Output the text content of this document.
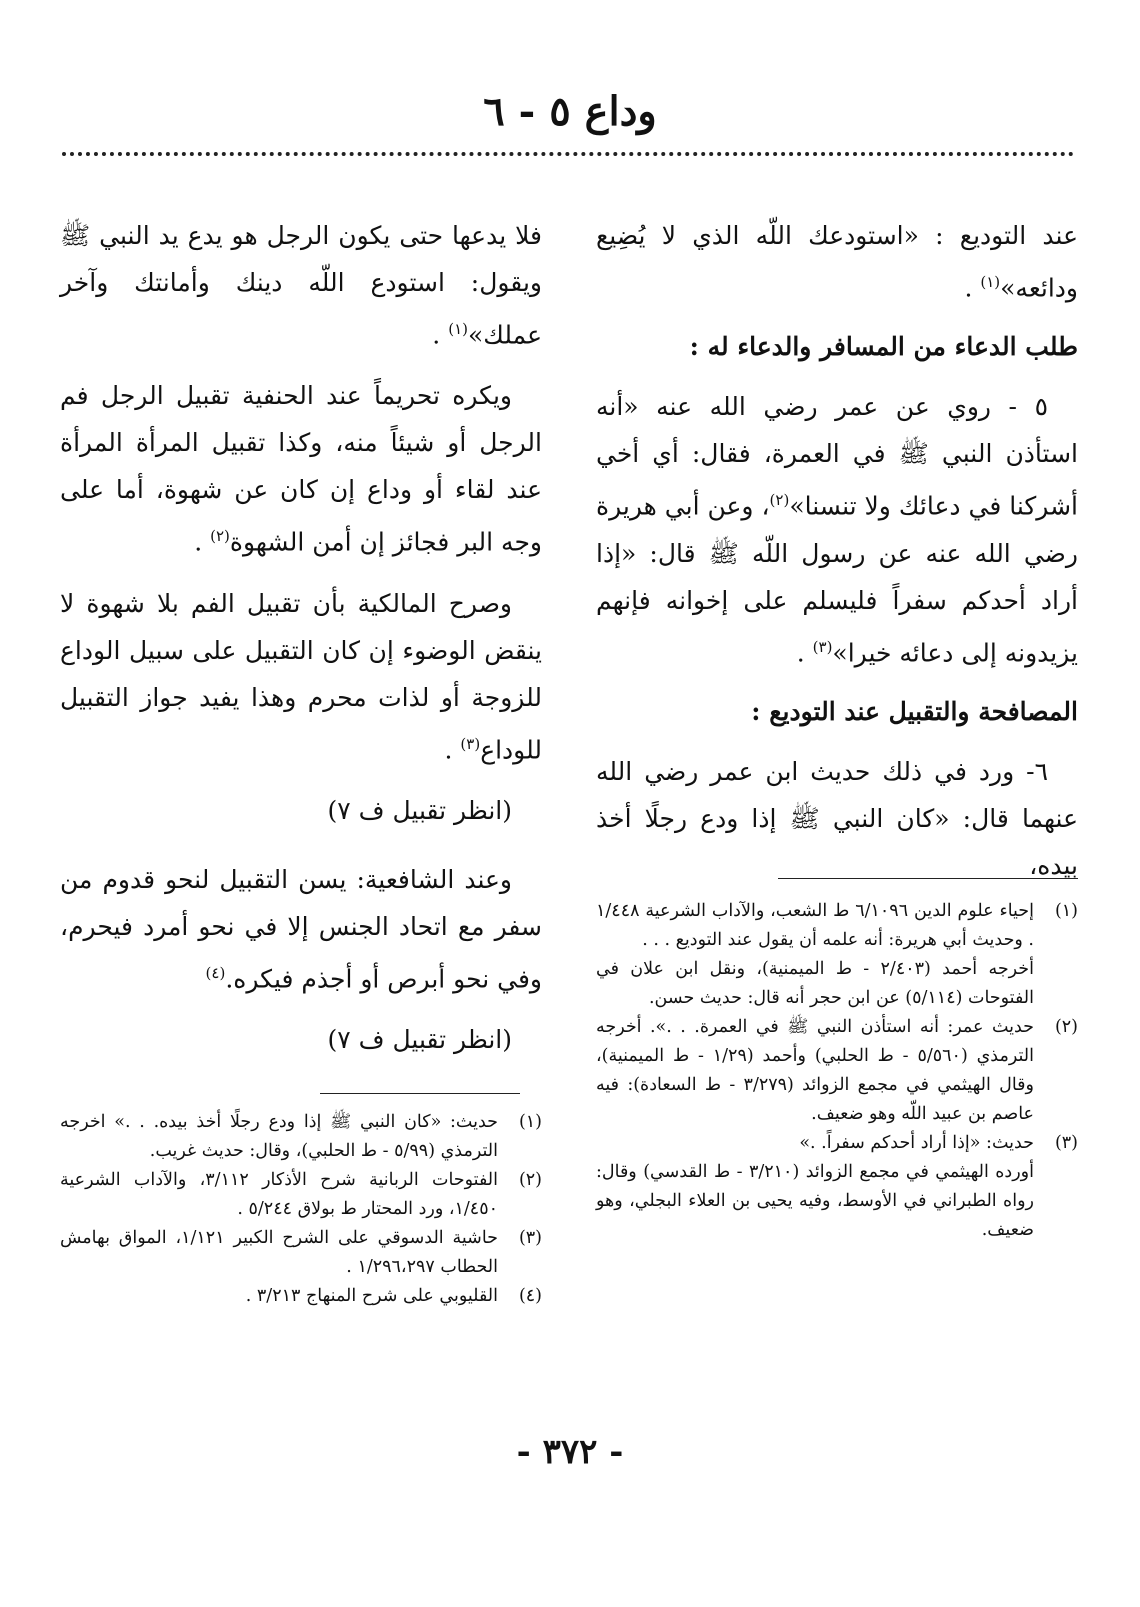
وداع ٥ - ٦

عند التوديع : «استودعك اللّه الذي لا يُضِيع ودائعه»$^{(١)}$ .

طلب الدعاء من المسافر والدعاء له :

٥ - روي عن عمر رضي الله عنه «أنه استأذن النبي ﷺ في العمرة، فقال: أي أخي أشركنا في دعائك ولا تنسنا»$^{(٢)}$، وعن أبي هريرة رضي الله عنه عن رسول اللّه ﷺ قال: «إذا أراد أحدكم سفراً فليسلم على إخوانه فإنهم يزيدونه إلى دعائه خيرا»$^{(٣)}$ .

المصافحة والتقبيل عند التوديع :

٦- ورد في ذلك حديث ابن عمر رضي الله عنهما قال: «كان النبي ﷺ إذا ودع رجلًا أخذ بيده،

فلا يدعها حتى يكون الرجل هو يدع يد النبي ﷺ ويقول: استودع اللّه دينك وأمانتك وآخر عملك»$^{(١)}$ .

ويكره تحريماً عند الحنفية تقبيل الرجل فم الرجل أو شيئاً منه، وكذا تقبيل المرأة المرأة عند لقاء أو وداع إن كان عن شهوة، أما على وجه البر فجائز إن أمن الشهوة$^{(٢)}$ .

وصرح المالكية بأن تقبيل الفم بلا شهوة لا ينقض الوضوء إن كان التقبيل على سبيل الوداع للزوجة أو لذات محرم وهذا يفيد جواز التقبيل للوداع$^{(٣)}$ .

(انظر تقبيل ف ٧)

وعند الشافعية: يسن التقبيل لنحو قدوم من سفر مع اتحاد الجنس إلا في نحو أمرد فيحرم، وفي نحو أبرص أو أجذم فيكره.$^{(٤)}$

(انظر تقبيل ف ٧)

(١)
إحياء علوم الدين ٦/١٠٩٦ ط الشعب، والآداب الشرعية ١/٤٤٨ . وحديث أبي هريرة: أنه علمه أن يقول عند التوديع . . .
أخرجه أحمد (٢/٤٠٣ - ط الميمنية)، ونقل ابن علان في الفتوحات (٥/١١٤) عن ابن حجر أنه قال: حديث حسن.
(٢)
حديث عمر: أنه استأذن النبي ﷺ في العمرة. . .». أخرجه الترمذي (٥/٥٦٠ - ط الحلبي) وأحمد (١/٢٩ - ط الميمنية)، وقال الهيثمي في مجمع الزوائد (٣/٢٧٩ - ط السعادة): فيه عاصم بن عبيد اللّه وهو ضعيف.
(٣)
حديث: «إذا أراد أحدكم سفراً. .»
أورده الهيثمي في مجمع الزوائد (٣/٢١٠ - ط القدسي) وقال: رواه الطبراني في الأوسط، وفيه يحيى بن العلاء البجلي، وهو ضعيف.
(١)
حديث: «كان النبي ﷺ إذا ودع رجلًا أخذ بيده. . .» اخرجه الترمذي (٥/٩٩ - ط الحلبي)، وقال: حديث غريب.
(٢)
الفتوحات الربانية شرح الأذكار ٣/١١٢، والآداب الشرعية ١/٤٥٠، ورد المحتار ط بولاق ٥/٢٤٤ .
(٣)
حاشية الدسوقي على الشرح الكبير ١/١٢١، المواق بهامش الحطاب ١/٢٩٦،٢٩٧ .
(٤)
القليوبي على شرح المنهاج ٣/٢١٣ .
- ٣٧٢ -
